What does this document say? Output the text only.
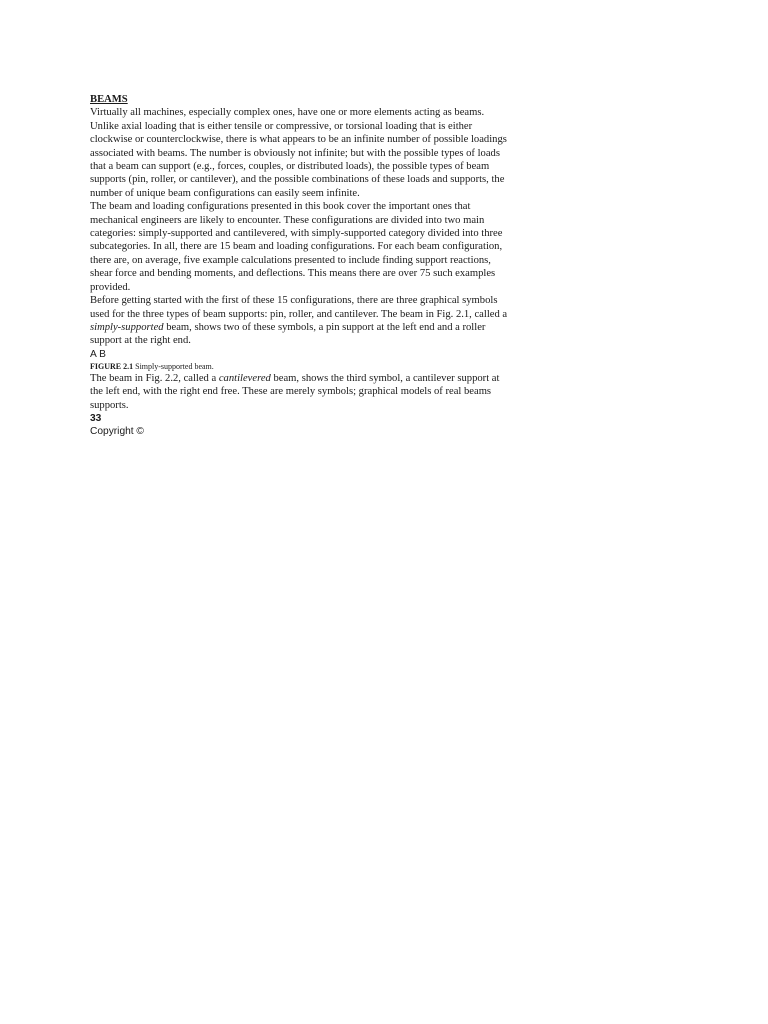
BEAMS

Virtually all machines, especially complex ones, have one or more elements acting as beams. Unlike axial loading that is either tensile or compressive, or torsional loading that is either clockwise or counterclockwise, there is what appears to be an infinite number of possible loadings associated with beams. The number is obviously not infinite; but with the possible types of loads that a beam can support (e.g., forces, couples, or distributed loads), the possible types of beam supports (pin, roller, or cantilever), and the possible combinations of these loads and supports, the number of unique beam configurations can easily seem infinite.

The beam and loading configurations presented in this book cover the important ones that mechanical engineers are likely to encounter. These configurations are divided into two main categories: simply-supported and cantilevered, with simply-supported category divided into three subcategories. In all, there are 15 beam and loading configurations. For each beam configuration, there are, on average, five example calculations presented to include finding support reactions, shear force and bending moments, and deflections. This means there are over 75 such examples provided.

Before getting started with the first of these 15 configurations, there are three graphical symbols used for the three types of beam supports: pin, roller, and cantilever. The beam in Fig. 2.1, called a simply-supported beam, shows two of these symbols, a pin support at the left end and a roller support at the right end.

A B

FIGURE 2.1 Simply-supported beam.

The beam in Fig. 2.2, called a cantilevered beam, shows the third symbol, a cantilever support at the left end, with the right end free. These are merely symbols; graphical models of real beams supports.

33

Copyright ©
